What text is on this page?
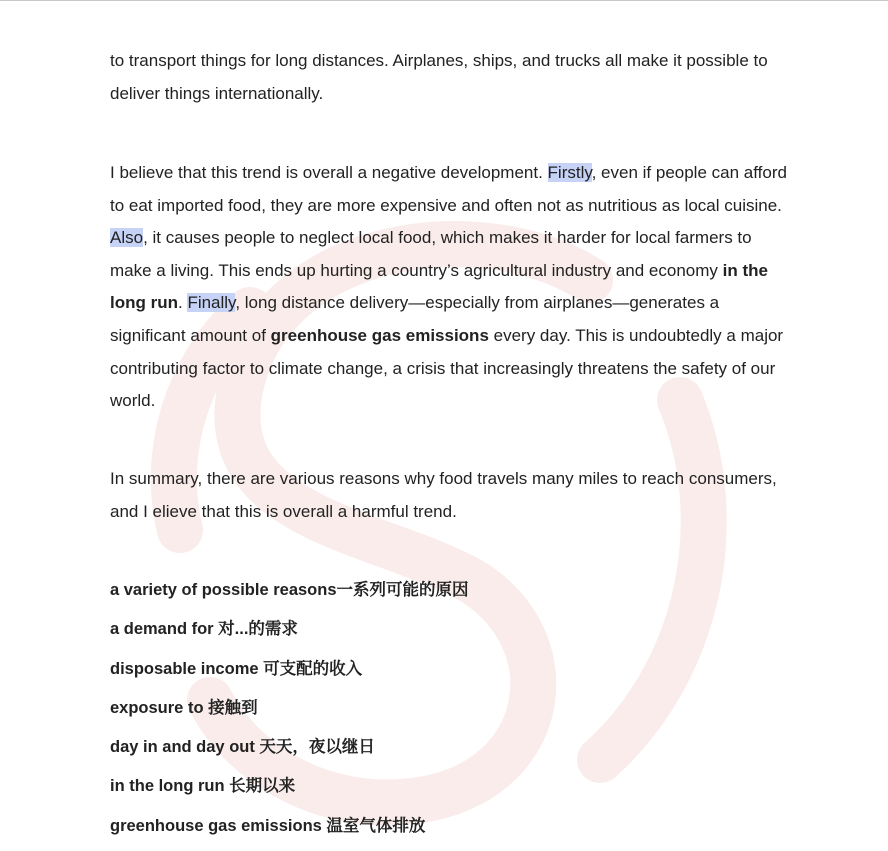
to transport things for long distances. Airplanes, ships, and trucks all make it possible to deliver things internationally.

I believe that this trend is overall a negative development. Firstly, even if people can afford to eat imported food, they are more expensive and often not as nutritious as local cuisine. Also, it causes people to neglect local food, which makes it harder for local farmers to make a living. This ends up hurting a country’s agricultural industry and economy in the long run. Finally, long distance delivery—especially from airplanes—generates a significant amount of greenhouse gas emissions every day. This is undoubtedly a major contributing factor to climate change, a crisis that increasingly threatens the safety of our world.

In summary, there are various reasons why food travels many miles to reach consumers, and I elieve that this is overall a harmful trend.

a variety of possible reasons一系列可能的原因
a demand for 对...的需求
disposable income 可支配的收入
exposure to 接触到
day in and day out 天天，夜以继日
in the long run 长期以来
greenhouse gas emissions 温室气体排放
